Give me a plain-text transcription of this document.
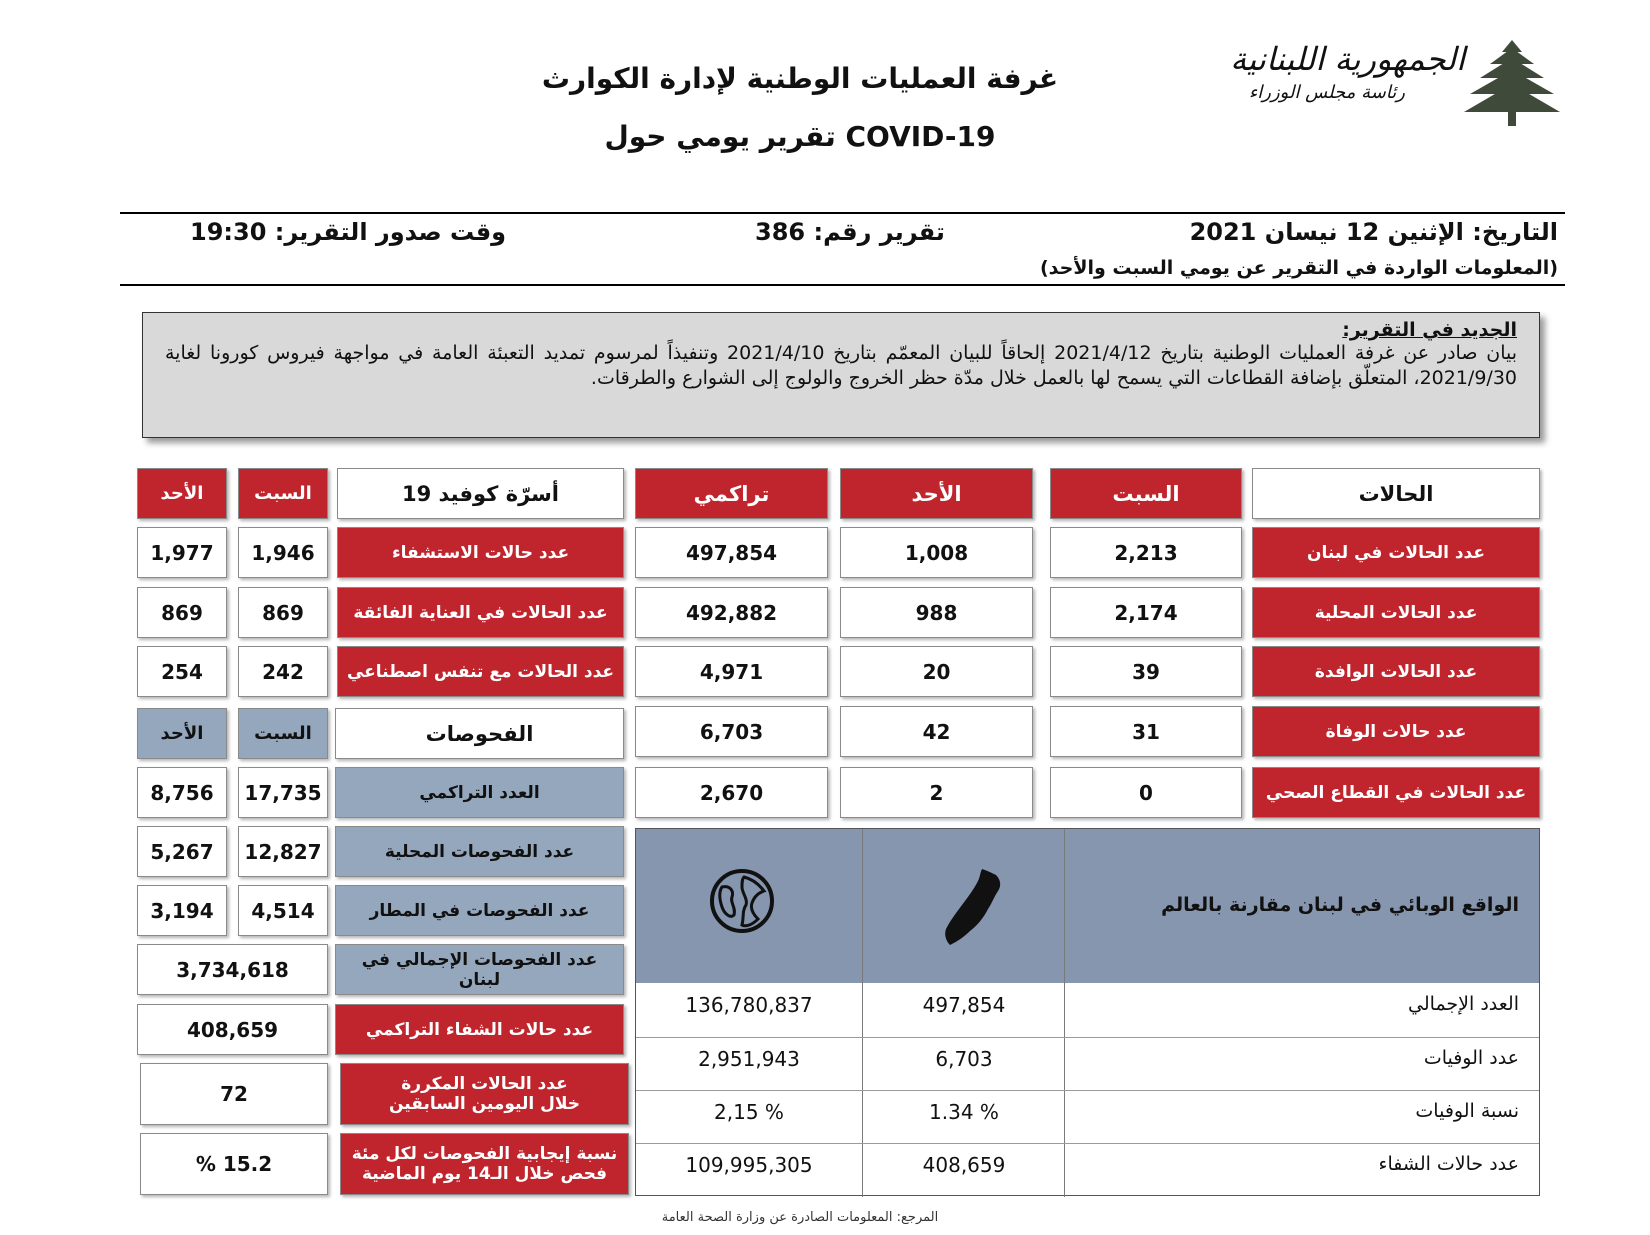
غرفة العمليات الوطنية لإدارة الكوارث
تقرير يومي حول COVID-19
الجمهورية اللبنانية
رئاسة مجلس الوزراء
التاريخ: الإثنين 12 نيسان 2021
تقرير رقم: 386
وقت صدور التقرير: 19:30
(المعلومات الواردة في التقرير عن يومي السبت والأحد)
الجديد في التقرير:
بيان صادر عن غرفة العمليات الوطنية بتاريخ 2021/4/12 إلحاقاً للبيان المعمّم بتاريخ 2021/4/10 وتنفيذاً لمرسوم تمديد التعبئة العامة في مواجهة فيروس كورونا لغاية 2021/9/30، المتعلّق بإضافة القطاعات التي يسمح لها بالعمل خلال مدّة حظر الخروج والولوج إلى الشوارع والطرقات.
الحالات
السبت
الأحد
تراكمي
عدد الحالات في لبنان
2,213
1,008
497,854
عدد الحالات المحلية
2,174
988
492,882
عدد الحالات الوافدة
39
20
4,971
عدد حالات الوفاة
31
42
6,703
عدد الحالات في القطاع الصحي
0
2
2,670
أسرّة كوفيد 19
السبت
الأحد
عدد حالات الاستشفاء
1,946
1,977
عدد الحالات في العناية الفائقة
869
869
عدد الحالات مع تنفس اصطناعي
242
254
الفحوصات
السبت
الأحد
العدد التراكمي
17,735
8,756
عدد الفحوصات المحلية
12,827
5,267
عدد الفحوصات في المطار
4,514
3,194
عدد الفحوصات الإجمالي في لبنان
3,734,618
عدد حالات الشفاء التراكمي
408,659
عدد الحالات المكررة
خلال اليومين السابقين
72
نسبة إيجابية الفحوصات لكل مئة
فحص خلال الـ14 يوم الماضية
15.2 %
الواقع الوبائي في لبنان مقارنة بالعالم
العدد الإجمالي
497,854
136,780,837
عدد الوفيات
6,703
2,951,943
نسبة الوفيات
1.34 %
2,15 %
عدد حالات الشفاء
408,659
109,995,305
المرجع: المعلومات الصادرة عن وزارة الصحة العامة
